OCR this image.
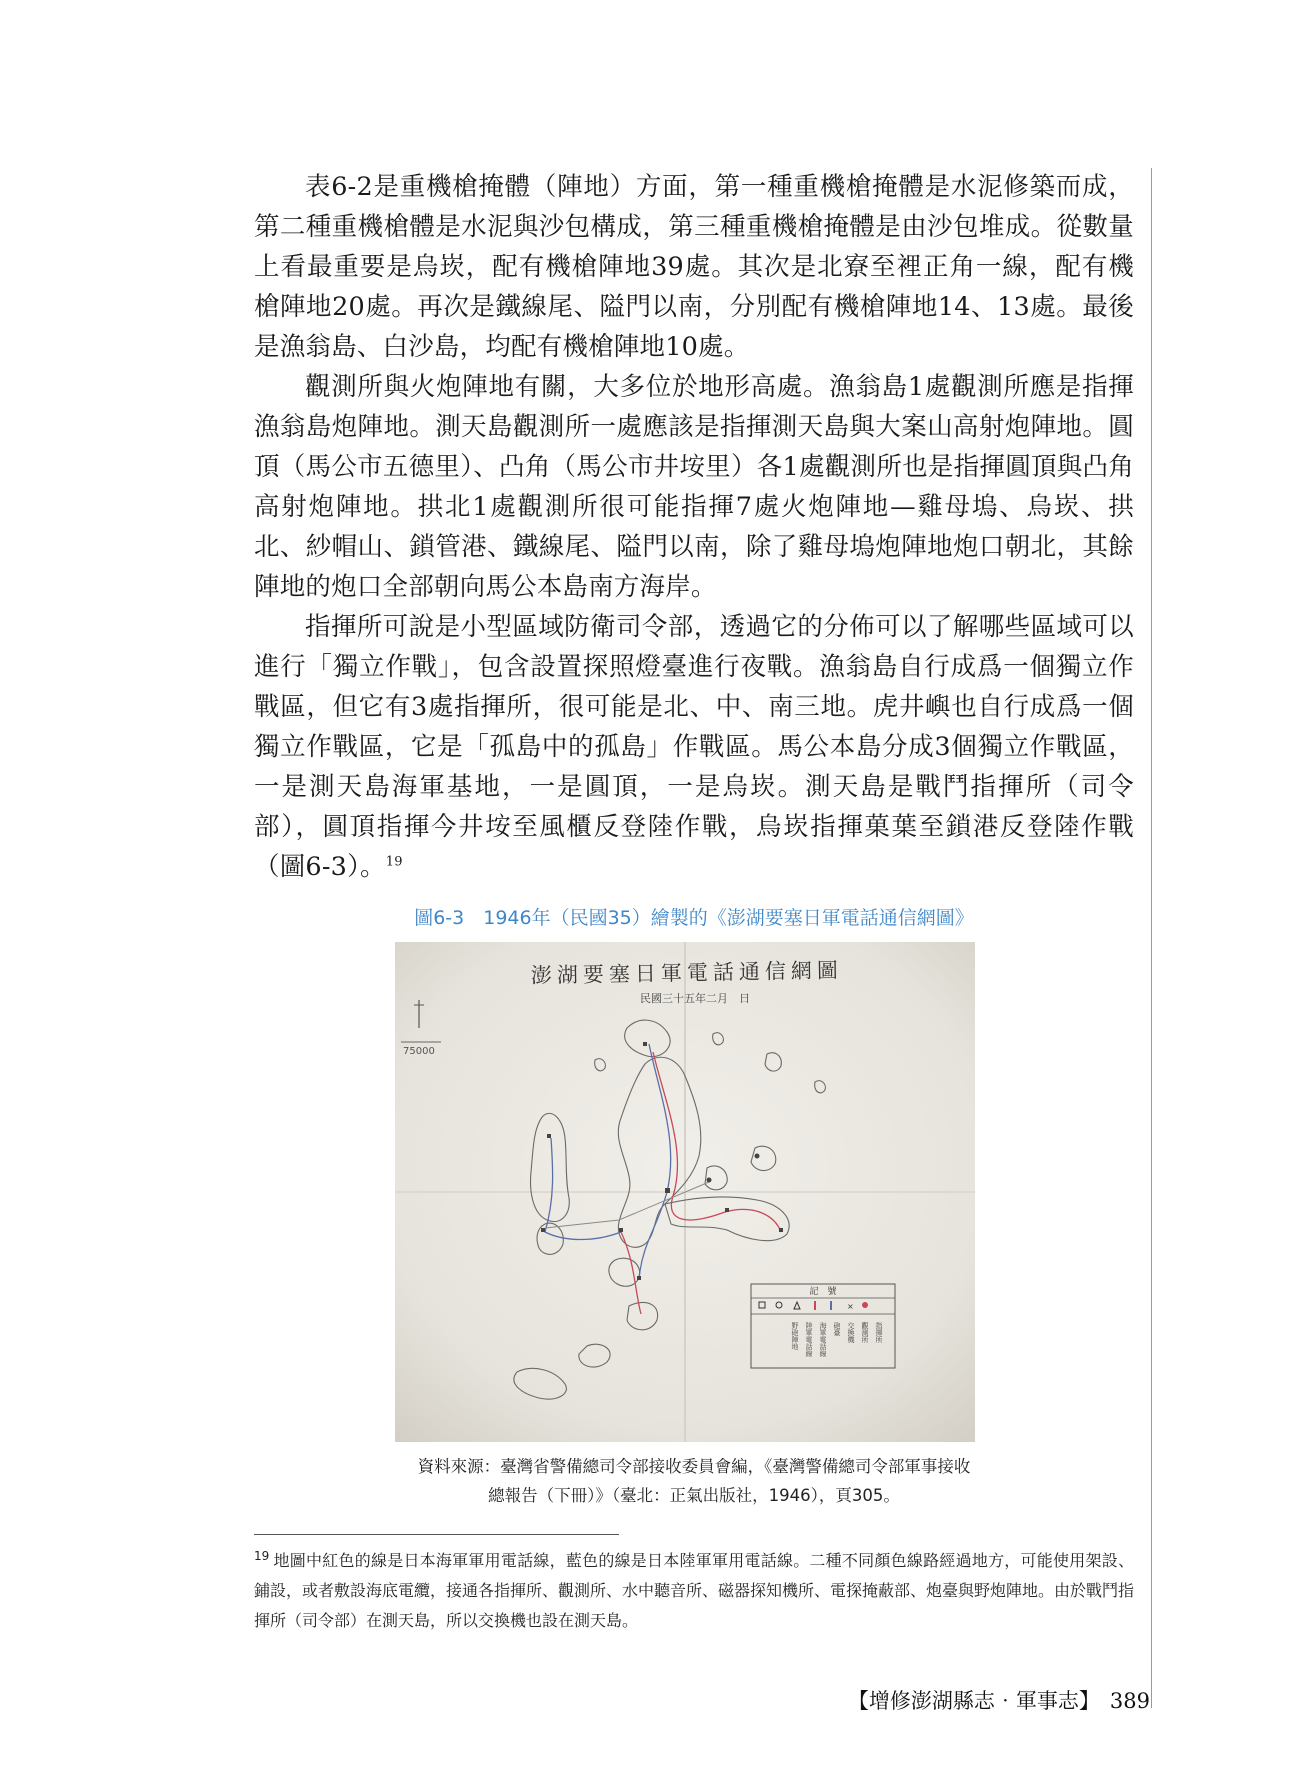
表6-2是重機槍掩體（陣地）方面，第一種重機槍掩體是水泥修築而成，第二種重機槍體是水泥與沙包構成，第三種重機槍掩體是由沙包堆成。從數量上看最重要是烏崁，配有機槍陣地39處。其次是北寮至裡正角一線，配有機槍陣地20處。再次是鐵線尾、隘門以南，分別配有機槍陣地14、13處。最後是漁翁島、白沙島，均配有機槍陣地10處。

觀測所與火炮陣地有關，大多位於地形高處。漁翁島1處觀測所應是指揮漁翁島炮陣地。測天島觀測所一處應該是指揮測天島與大案山高射炮陣地。圓頂（馬公市五德里）、凸角（馬公市井垵里）各1處觀測所也是指揮圓頂與凸角高射炮陣地。拱北1處觀測所很可能指揮7處火炮陣地—雞母塢、烏崁、拱北、紗帽山、鎖管港、鐵線尾、隘門以南，除了雞母塢炮陣地炮口朝北，其餘陣地的炮口全部朝向馬公本島南方海岸。

指揮所可說是小型區域防衛司令部，透過它的分佈可以了解哪些區域可以進行「獨立作戰」，包含設置探照燈臺進行夜戰。漁翁島自行成爲一個獨立作戰區，但它有3處指揮所，很可能是北、中、南三地。虎井嶼也自行成爲一個獨立作戰區，它是「孤島中的孤島」作戰區。馬公本島分成3個獨立作戰區，一是測天島海軍基地，一是圓頂，一是烏崁。測天島是戰鬥指揮所（司令部），圓頂指揮今井垵至風櫃反登陸作戰，烏崁指揮菓葉至鎖港反登陸作戰（圖6-3）。$^{19}$

圖6-3　1946年（民國35）繪製的《澎湖要塞日軍電話通信網圖》
澎湖要塞日軍電話通信網圖
民國三十五年二月　日
75000
記　號
×
指揮所
觀測所
交換機
砲臺
海軍電話線
陸軍電話線
野砲陣地
資料來源：臺灣省警備總司令部接收委員會編，《臺灣警備總司令部軍事接收
總報告（下冊）》（臺北：正氣出版社，1946），頁305。
$^{19}$ 地圖中紅色的線是日本海軍軍用電話線，藍色的線是日本陸軍軍用電話線。二種不同顏色線路經過地方，可能使用架設、鋪設，或者敷設海底電纜，接通各指揮所、觀測所、水中聽音所、磁器探知機所、電探掩蔽部、炮臺與野炮陣地。由於戰鬥指揮所（司令部）在測天島，所以交換機也設在測天島。
【增修澎湖縣志‧軍事志】 389
